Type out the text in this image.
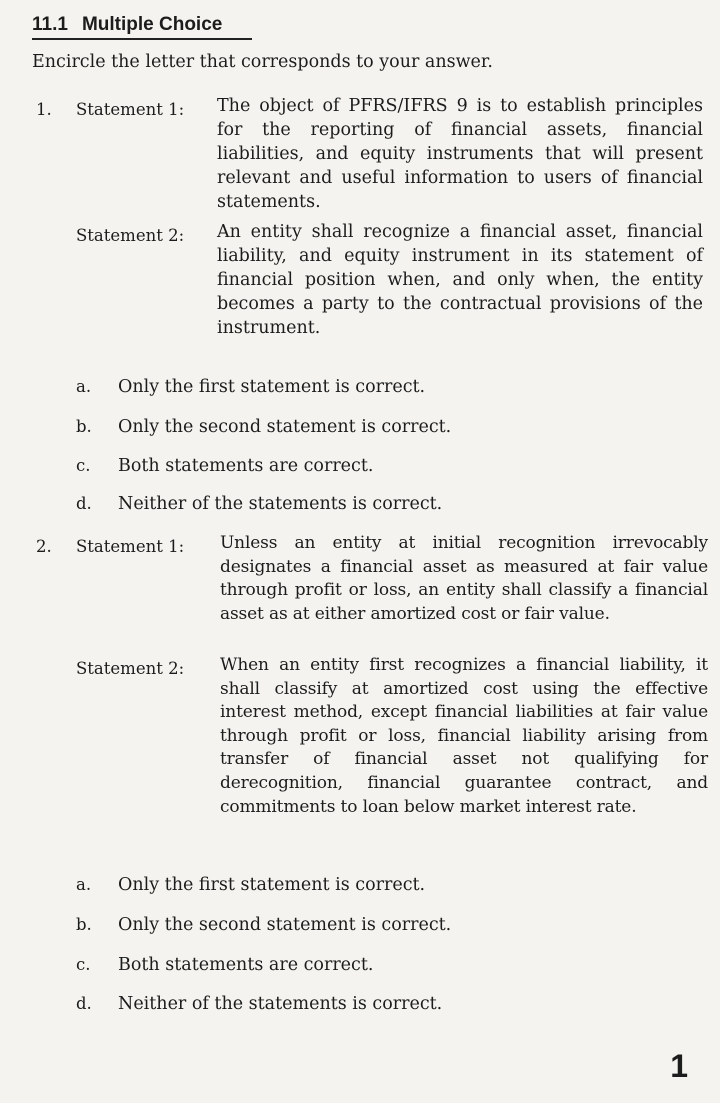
11.1 Multiple Choice
Encircle the letter that corresponds to your answer.
1. Statement 1: The object of PFRS/IFRS 9 is to establish principles for the reporting of financial assets, financial liabilities, and equity instruments that will present relevant and useful information to users of financial statements.
Statement 2: An entity shall recognize a financial asset, financial liability, and equity instrument in its statement of financial position when, and only when, the entity becomes a party to the contractual provisions of the instrument.
a. Only the first statement is correct.
b. Only the second statement is correct.
c. Both statements are correct.
d. Neither of the statements is correct.
2. Statement 1: Unless an entity at initial recognition irrevocably designates a financial asset as measured at fair value through profit or loss, an entity shall classify a financial asset as at either amortized cost or fair value.
Statement 2: When an entity first recognizes a financial liability, it shall classify at amortized cost using the effective interest method, except financial liabilities at fair value through profit or loss, financial liability arising from transfer of financial asset not qualifying for derecognition, financial guarantee contract, and commitments to loan below market interest rate.
a. Only the first statement is correct.
b. Only the second statement is correct.
c. Both statements are correct.
d. Neither of the statements is correct.
1
